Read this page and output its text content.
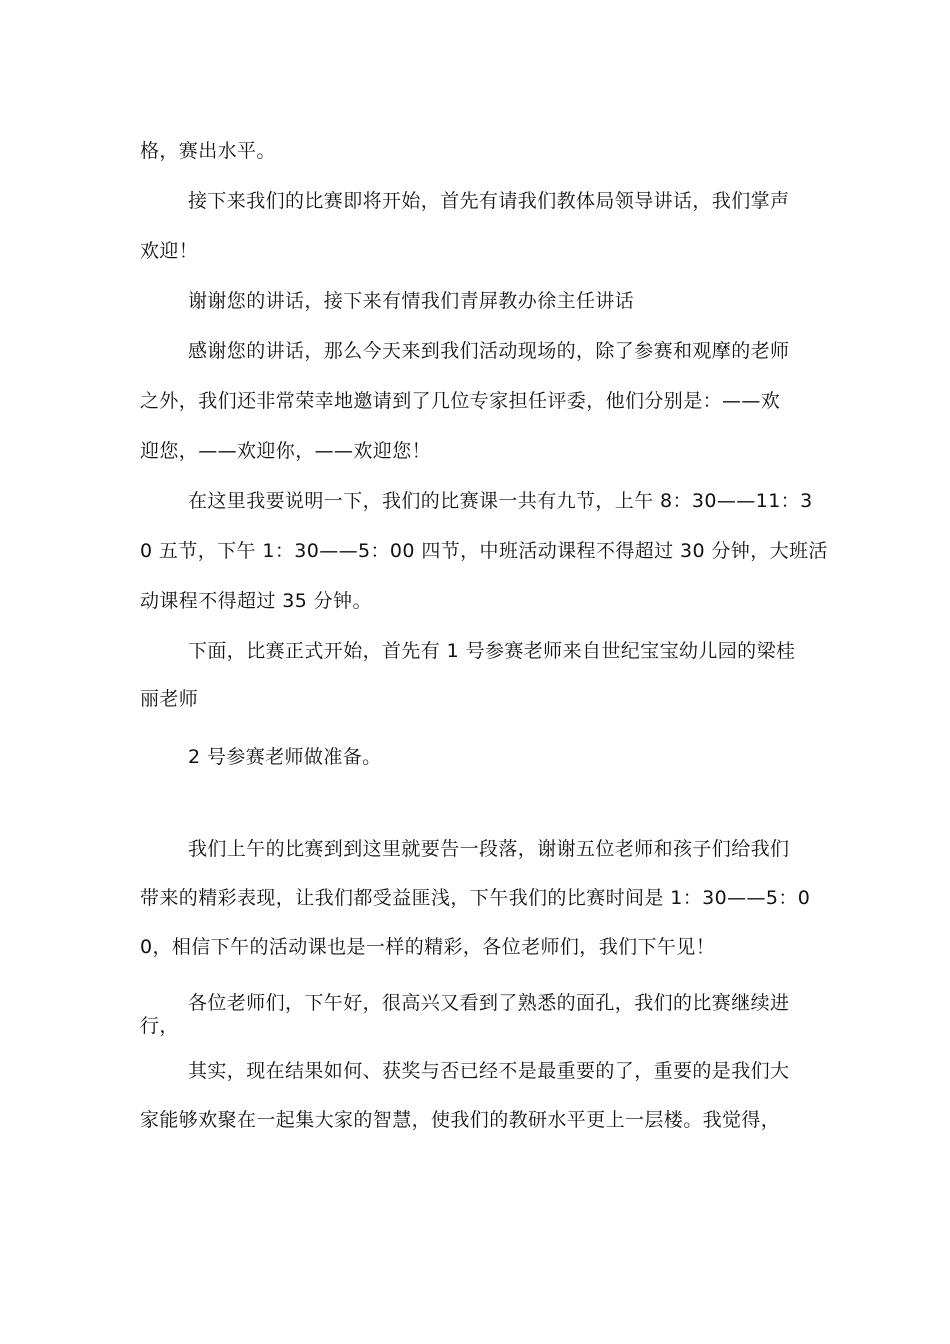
格，赛出水平。
接下来我们的比赛即将开始，首先有请我们教体局领导讲话，我们掌声
欢迎！
谢谢您的讲话，接下来有情我们青屏教办徐主任讲话
感谢您的讲话，那么今天来到我们活动现场的，除了参赛和观摩的老师
之外，我们还非常荣幸地邀请到了几位专家担任评委，他们分别是：——欢
迎您，——欢迎你，——欢迎您！
在这里我要说明一下，我们的比赛课一共有九节，上午 8：30——11：3
0 五节，下午 1：30——5：00 四节，中班活动课程不得超过 30 分钟，大班活
动课程不得超过 35 分钟。
下面，比赛正式开始，首先有 1 号参赛老师来自世纪宝宝幼儿园的梁桂
丽老师
2 号参赛老师做准备。
我们上午的比赛到到这里就要告一段落，谢谢五位老师和孩子们给我们
带来的精彩表现，让我们都受益匪浅，下午我们的比赛时间是 1：30——5：0
0，相信下午的活动课也是一样的精彩，各位老师们，我们下午见！
各位老师们，下午好，很高兴又看到了熟悉的面孔，我们的比赛继续进
行，
其实，现在结果如何、获奖与否已经不是最重要的了，重要的是我们大
家能够欢聚在一起集大家的智慧，使我们的教研水平更上一层楼。我觉得，
